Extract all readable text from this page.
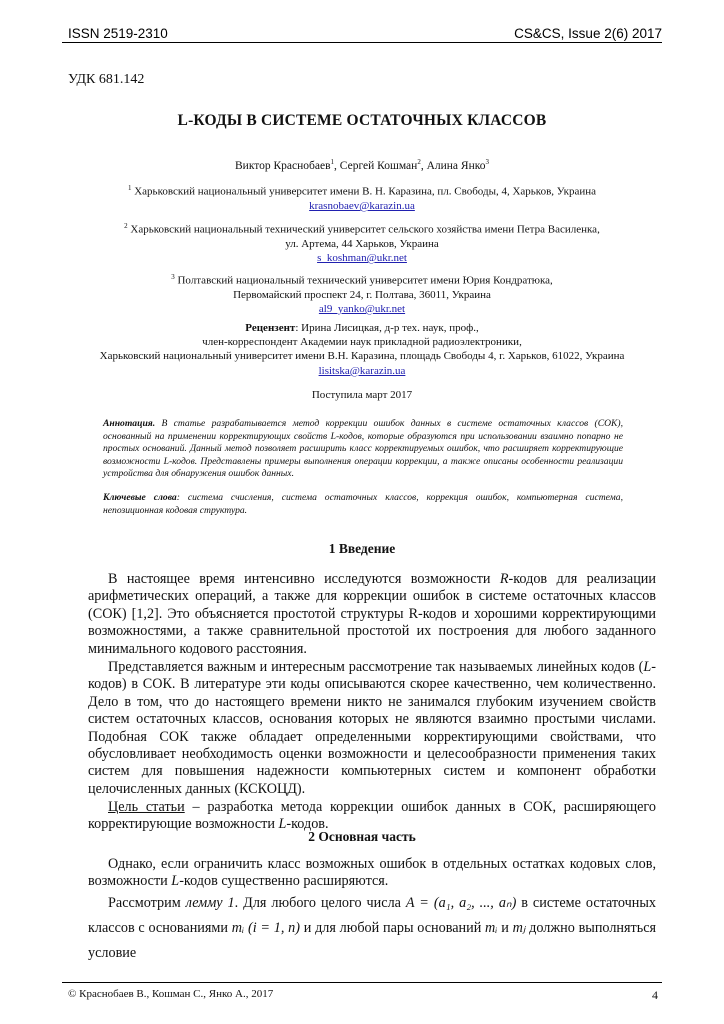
ISSN 2519-2310	CS&CS, Issue 2(6) 2017
УДК 681.142
L-КОДЫ В СИСТЕМЕ ОСТАТОЧНЫХ КЛАССОВ
Виктор Краснобаев$^1$, Сергей Кошман$^2$, Алина Янко$^3$
$^1$ Харьковский национальный университет имени В. Н. Каразина, пл. Свободы, 4, Харьков, Украина
krasnobaev@karazin.ua
$^2$ Харьковский национальный технический университет сельского хозяйства имени Петра Василенка,
ул. Артема, 44 Харьков, Украина
s_koshman@ukr.net
$^3$ Полтавский национальный технический университет имени Юрия Кондратюка,
Первомайский проспект 24, г. Полтава, 36011, Украина
al9_yanko@ukr.net
Рецензент: Ирина Лисицкая, д-р тех. наук, проф.,
член-корреспондент Академии наук прикладной радиоэлектроники,
Харьковский национальный университет имени В.Н. Каразина, площадь Свободы 4, г. Харьков, 61022, Украина
lisitska@karazin.ua
Поступила март 2017
Аннотация. В статье разрабатывается метод коррекции ошибок данных в системе остаточных классов (СОК), основанный на применении корректирующих свойств L-кодов, которые образуются при использовании взаимно попарно не простых оснований. Данный метод позволяет расширить класс корректируемых ошибок, что расширяет корректирующие возможности L-кодов. Представлены примеры выполнения операции коррекции, а также описаны особенности реализации устройства для обнаружения ошибок данных.
Ключевые слова: система счисления, система остаточных классов, коррекция ошибок, компьютерная система, непозиционная кодовая структура.
1 Введение
В настоящее время интенсивно исследуются возможности R-кодов для реализации арифметических операций, а также для коррекции ошибок в системе остаточных классов (СОК) [1,2]. Это объясняется простотой структуры R-кодов и хорошими корректирующими возможностями, а также сравнительной простотой их построения для любого заданного минимального кодового расстояния.
Представляется важным и интересным рассмотрение так называемых линейных кодов (L-кодов) в СОК. В литературе эти коды описываются скорее качественно, чем количественно. Дело в том, что до настоящего времени никто не занимался глубоким изучением свойств систем остаточных классов, основания которых не являются взаимно простыми числами. Подобная СОК также обладает определенными корректирующими свойствами, что обусловливает необходимость оценки возможности и целесообразности применения таких систем для повышения надежности компьютерных систем и компонент обработки целочисленных данных (КСКОЦД).
Цель статьи – разработка метода коррекции ошибок данных в СОК, расширяющего корректирующие возможности L-кодов.
2 Основная часть
Однако, если ограничить класс возможных ошибок в отдельных остатках кодовых слов, возможности L-кодов существенно расширяются.
Рассмотрим лемму 1. Для любого целого числа A = (a₁, a₂, ..., aₙ) в системе остаточных классов с основаниями mᵢ (i = 1, n) и для любой пары оснований mᵢ и mⱼ должно выполняться условие
© Краснобаев В., Кошман С., Янко А., 2017	4
